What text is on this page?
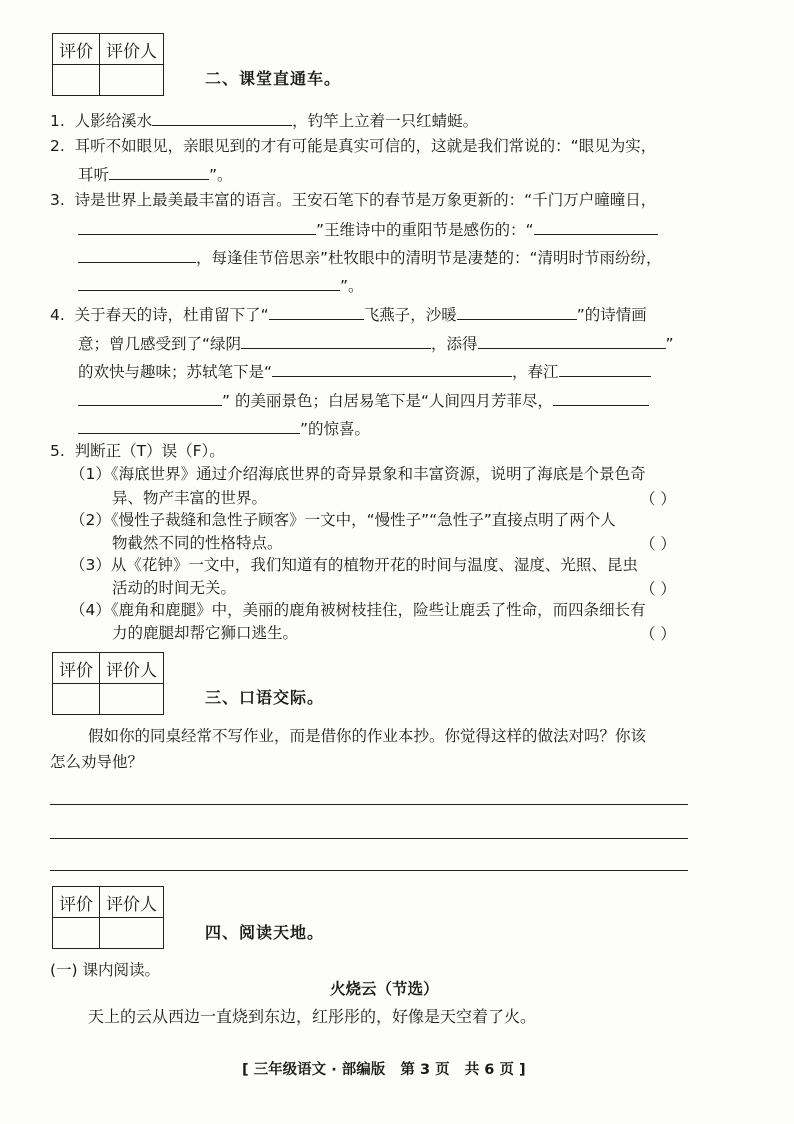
评价	评价人

二、课堂直通车。
1. 人影给溪水	，钓竿上立着一只红蜻蜓。
2. 耳听不如眼见，亲眼见到的才有可能是真实可信的，这就是我们常说的：“眼见为实，
耳听	”。
3. 诗是世界上最美最丰富的语言。王安石笔下的春节是万象更新的：“千门万户曈曈日，
”王维诗中的重阳节是感伤的：“
，每逢佳节倍思亲”杜牧眼中的清明节是凄楚的：“清明时节雨纷纷，
”。
4. 关于春天的诗，杜甫留下了“	飞燕子，沙暖	”的诗情画
意；曾几感受到了“绿阴	，添得	”
的欢快与趣味；苏轼笔下是“	，春江
” 的美丽景色；白居易笔下是“人间四月芳菲尽，
”的惊喜。
5. 判断正（T）误（F）。
（1）《海底世界》通过介绍海底世界的奇异景象和丰富资源，说明了海底是个景色奇
异、物产丰富的世界。	（ ）
（2）《慢性子裁缝和急性子顾客》一文中，“慢性子”“急性子”直接点明了两个人
物截然不同的性格特点。	（ ）
（3）从《花钟》一文中，我们知道有的植物开花的时间与温度、湿度、光照、昆虫
活动的时间无关。	（ ）
（4）《鹿角和鹿腿》中，美丽的鹿角被树枝挂住，险些让鹿丢了性命，而四条细长有
力的鹿腿却帮它狮口逃生。	（ ）
评价	评价人

三、口语交际。
假如你的同桌经常不写作业，而是借你的作业本抄。你觉得这样的做法对吗？你该
怎么劝导他？
评价	评价人

四、阅读天地。
(一) 课内阅读。
火烧云（节选）
天上的云从西边一直烧到东边，红彤彤的，好像是天空着了火。
[ 三年级语文 · 部编版   第 3 页   共 6 页 ]
